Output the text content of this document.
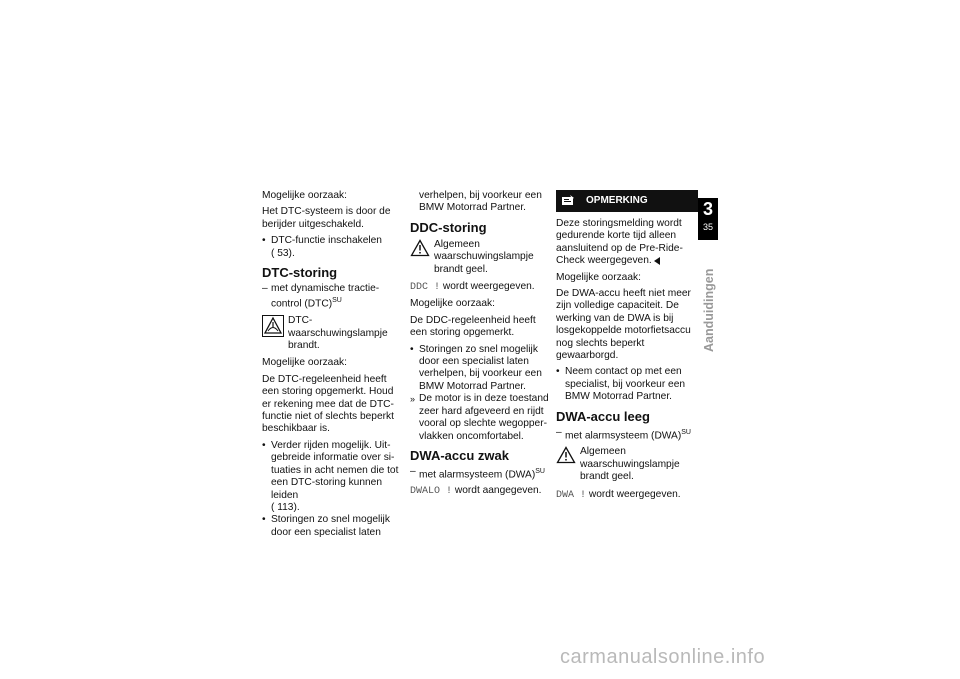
Mogelijke oorzaak:

Het DTC-systeem is door de berijder uitgeschakeld.

• DTC-functie inschakelen
( 53).
DTC-storing
– met dynamische tractie-control (DTC)$^{SU}$
DTC-waarschuwingslampje brandt.

Mogelijke oorzaak:

De DTC-regeleenheid heeft een storing opgemerkt. Houd er rekening mee dat de DTC-functie niet of slechts beperkt beschikbaar is.

• Verder rijden mogelijk. Uitgebreide informatie over situaties in acht nemen die tot een DTC-storing kunnen leiden
( 113).
• Storingen zo snel mogelijk door een specialist laten

verhelpen, bij voorkeur een BMW Motorrad Partner.

DDC-storing
Algemeen waarschuwingslampje brandt geel.

DDC ! wordt weergegeven.

Mogelijke oorzaak:

De DDC-regeleenheid heeft een storing opgemerkt.

• Storingen zo snel mogelijk door een specialist laten verhelpen, bij voorkeur een BMW Motorrad Partner.
» De motor is in deze toestand zeer hard afgeveerd en rijdt vooral op slechte wegoppervlakken oncomfortabel.
DWA-accu zwak
– met alarmsysteem (DWA)$^{SU}$

DWALO ! wordt aangegeven.

OPMERKING

Deze storingsmelding wordt gedurende korte tijd alleen aansluitend op de Pre-Ride-Check weergegeven.

Mogelijke oorzaak:

De DWA-accu heeft niet meer zijn volledige capaciteit. De werking van de DWA is bij losgekoppelde motorfietsaccu nog slechts beperkt gewaarborgd.

• Neem contact op met een specialist, bij voorkeur een BMW Motorrad Partner.
DWA-accu leeg
– met alarmsysteem (DWA)$^{SU}$
Algemeen waarschuwingslampje brandt geel.

DWA ! wordt weergegeven.

3
35
Aanduidingen
carmanualsonline.info
